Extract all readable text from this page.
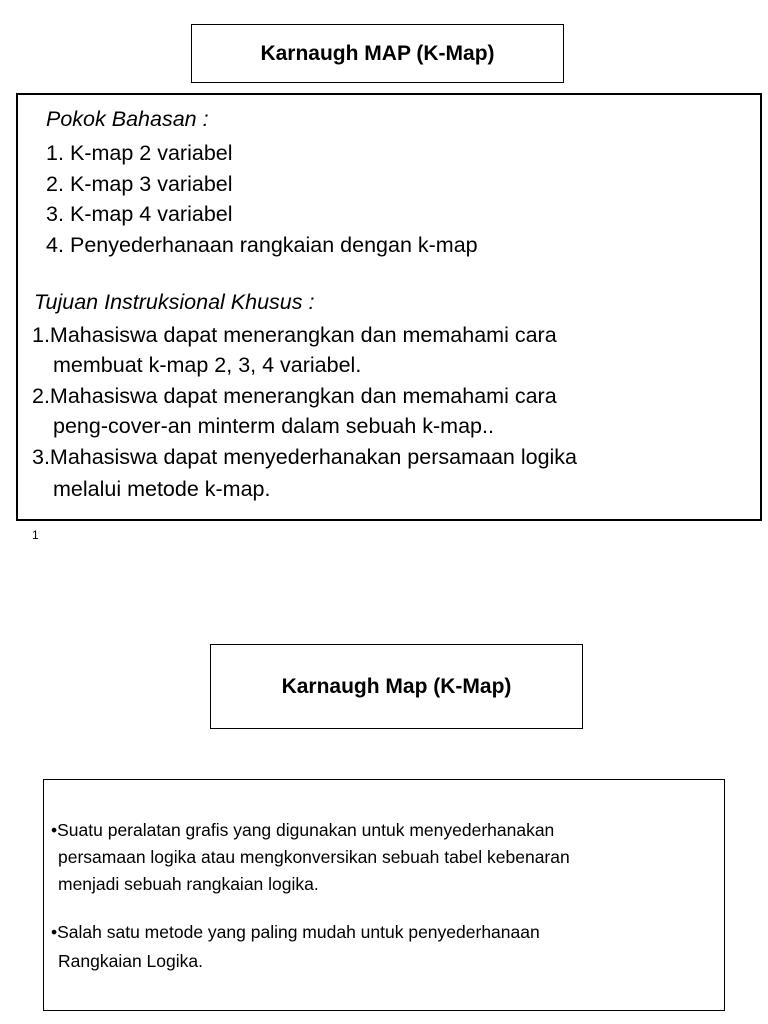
Karnaugh MAP (K-Map)
Pokok Bahasan :
1. K-map 2 variabel
2. K-map 3 variabel
3. K-map 4 variabel
4. Penyederhanaan rangkaian dengan k-map
Tujuan Instruksional Khusus :
1.Mahasiswa dapat menerangkan dan memahami cara
membuat k-map 2, 3, 4 variabel.
2.Mahasiswa dapat menerangkan dan memahami cara
peng-cover-an minterm dalam sebuah k-map..
3.Mahasiswa dapat menyederhanakan persamaan logika
melalui metode k-map.
1
Karnaugh Map (K-Map)
•Suatu peralatan grafis yang digunakan untuk menyederhanakan
persamaan logika atau mengkonversikan sebuah tabel kebenaran
menjadi sebuah rangkaian logika.
•Salah satu metode yang paling mudah untuk penyederhanaan
Rangkaian Logika.
